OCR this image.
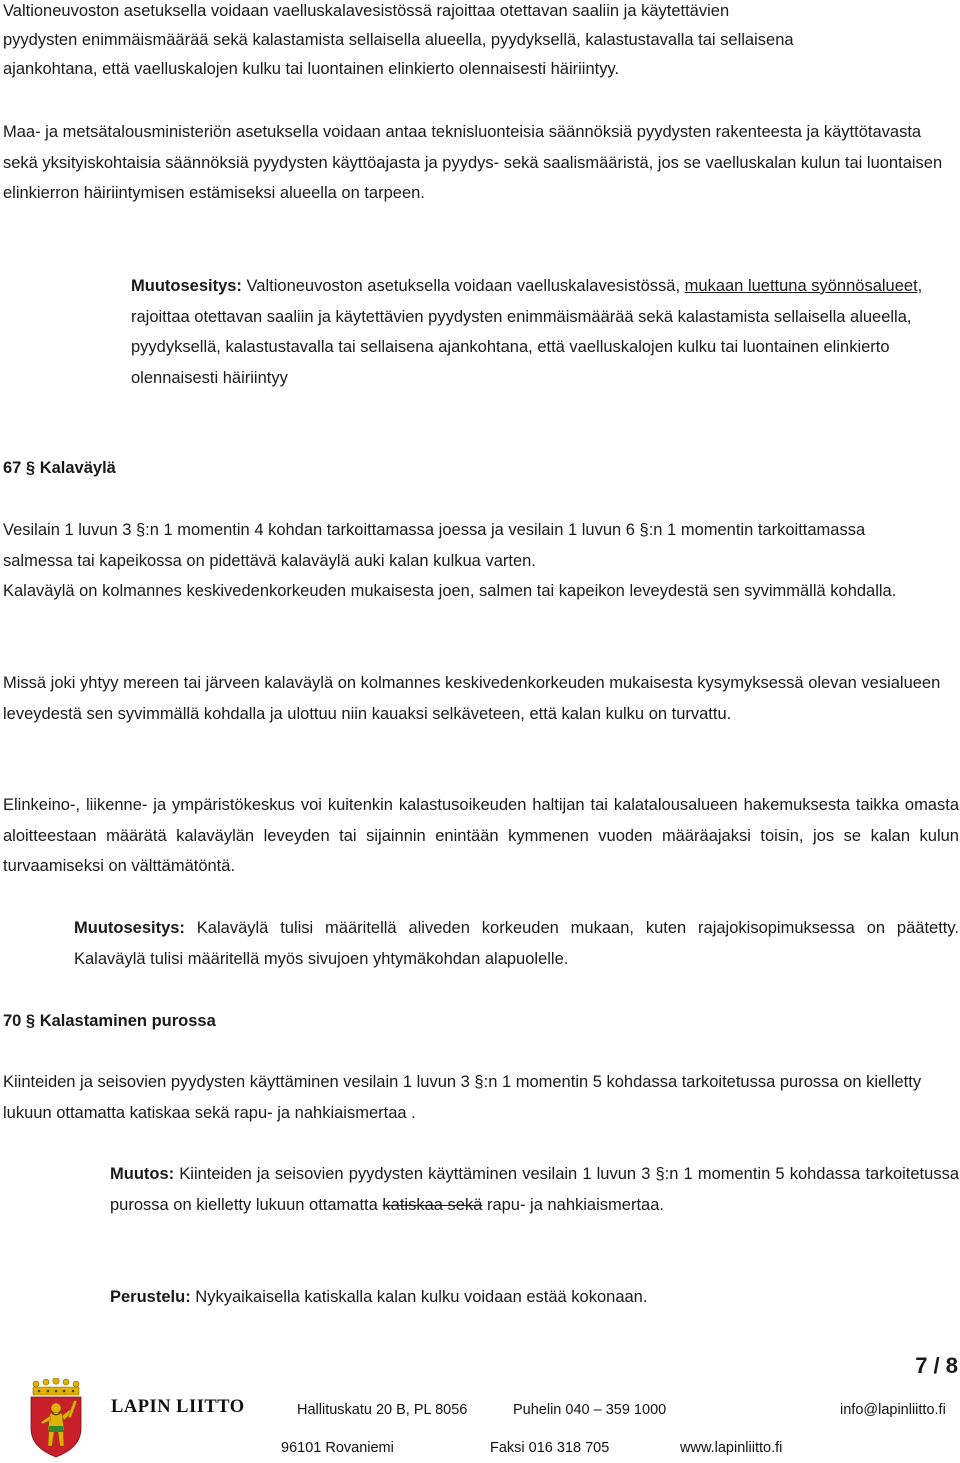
Valtioneuvoston asetuksella voidaan vaelluskalavesistössä rajoittaa otettavan saaliin ja käytettävien
pyydysten enimmäismäärää sekä kalastamista sellaisella alueella, pyydyksellä, kalastustavalla tai sellaisena
ajankohtana, että vaelluskalojen kulku tai luontainen elinkierto olennaisesti häiriintyy.

Maa- ja metsätalousministeriön asetuksella voidaan antaa teknisluonteisia säännöksiä pyydysten rakenteesta ja käyttötavasta sekä yksityiskohtaisia säännöksiä pyydysten käyttöajasta ja pyydys- sekä saalismääristä, jos se vaelluskalan kulun tai luontaisen elinkierron häiriintymisen estämiseksi alueella on tarpeen.

Muutosesitys: Valtioneuvoston asetuksella voidaan vaelluskalavesistössä, mukaan luettuna syönnösalueet, rajoittaa otettavan saaliin ja käytettävien pyydysten enimmäismäärää sekä kalastamista sellaisella alueella, pyydyksellä, kalastustavalla tai sellaisena ajankohtana, että vaelluskalojen kulku tai luontainen elinkierto olennaisesti häiriintyy

67 § Kalaväylä

Vesilain 1 luvun 3 §:n 1 momentin 4 kohdan tarkoittamassa joessa ja vesilain 1 luvun 6 §:n 1 momentin tarkoittamassa salmessa tai kapeikossa on pidettävä kalaväylä auki kalan kulkua varten.

Kalaväylä on kolmannes keskivedenkorkeuden mukaisesta joen, salmen tai kapeikon leveydestä sen syvimmällä kohdalla.

Missä joki yhtyy mereen tai järveen kalaväylä on kolmannes keskivedenkorkeuden mukaisesta kysymyksessä olevan vesialueen leveydestä sen syvimmällä kohdalla ja ulottuu niin kauaksi selkäveteen, että kalan kulku on turvattu.

Elinkeino-, liikenne- ja ympäristökeskus voi kuitenkin kalastusoikeuden haltijan tai kalatalousalueen hakemuksesta taikka omasta aloitteestaan määrätä kalaväylän leveyden tai sijainnin enintään kymmenen vuoden määräajaksi toisin, jos se kalan kulun turvaamiseksi on välttämätöntä.

Muutosesitys: Kalaväylä tulisi määritellä aliveden korkeuden mukaan, kuten rajajokisopimuksessa on päätetty. Kalaväylä tulisi määritellä myös sivujoen yhtymäkohdan alapuolelle.

70 § Kalastaminen purossa

Kiinteiden ja seisovien pyydysten käyttäminen vesilain 1 luvun 3 §:n 1 momentin 5 kohdassa tarkoitetussa purossa on kielletty lukuun ottamatta katiskaa sekä rapu- ja nahkiaismertaa .

Muutos: Kiinteiden ja seisovien pyydysten käyttäminen vesilain 1 luvun 3 §:n 1 momentin 5 kohdassa tarkoitetussa purossa on kielletty lukuun ottamatta katiskaa sekä rapu- ja nahkiaismertaa.

Perustelu: Nykyaikaisella katiskalla kalan kulku voidaan estää kokonaan.

7 / 8
LAPIN LIITTO	Hallituskatu 20 B, PL 8056	Puhelin 040 – 359 1000	info@lapinliitto.fi
96101 Rovaniemi	Faksi 016 318 705	www.lapinliitto.fi
